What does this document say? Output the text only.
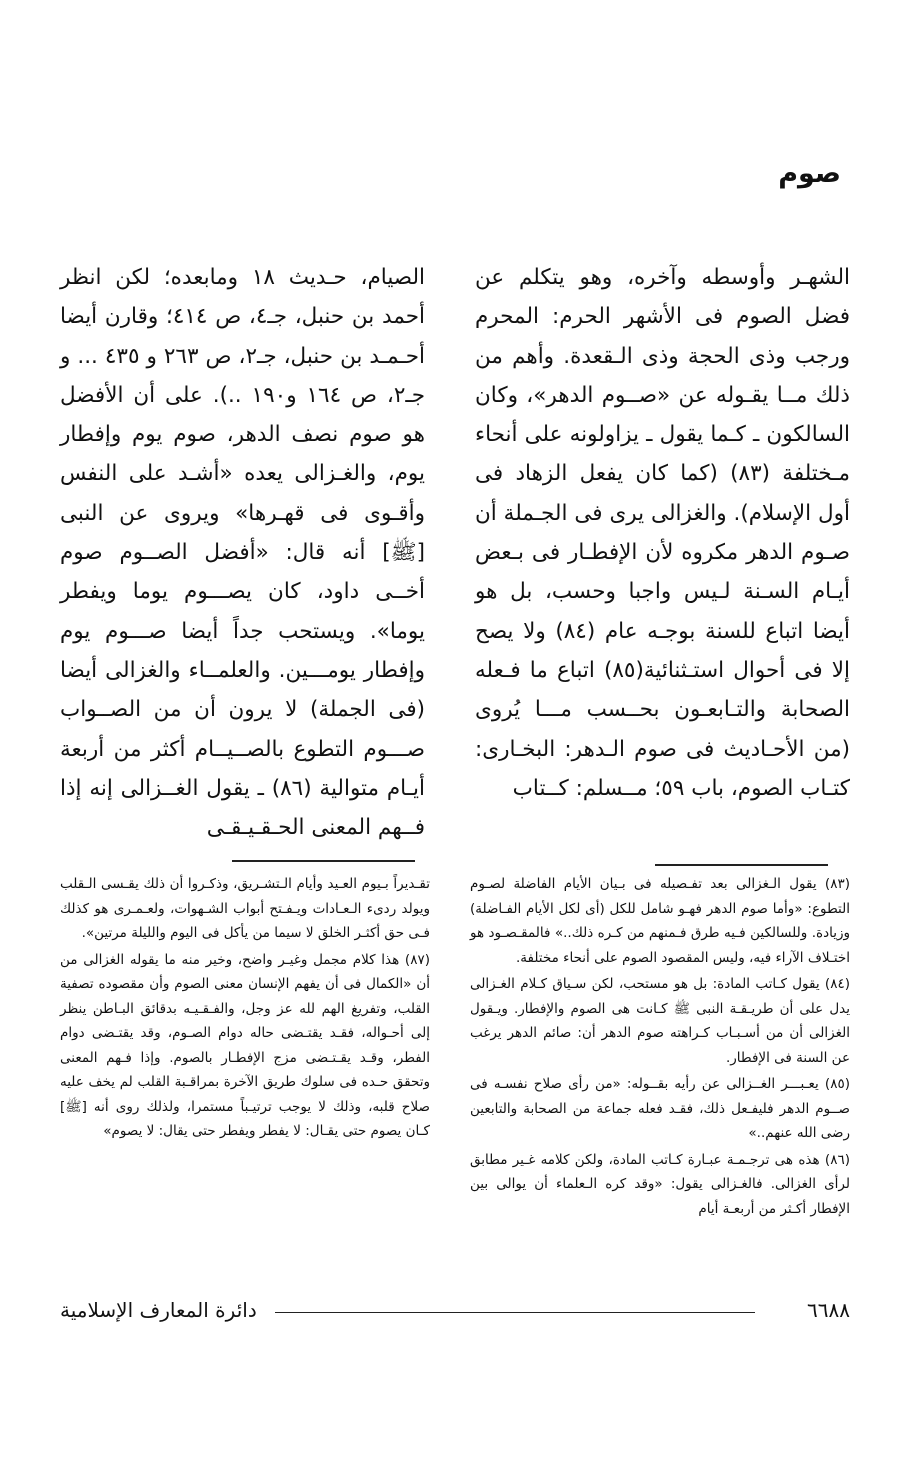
صوم

الشهـر وأوسطه وآخره، وهو يتكلم عن فضل الصوم فى الأشهر الحرم: المحرم ورجب وذى الحجة وذى الـقعدة. وأهم من ذلك مــا يقـوله عن «صــوم الدهر»، وكان السالكون ـ كـما يقول ـ يزاولونه على أنحاء مـختلفة (٨٣) (كما كان يفعل الزهاد فى أول الإسلام). والغزالى يرى فى الجـملة أن صـوم الدهر مكروه لأن الإفطـار فى بـعض أيـام السـنة لـيس واجبا وحسب، بل هو أيضا اتباع للسنة بوجـه عام (٨٤) ولا يصح إلا فى أحوال استـثنائية(٨٥) اتباع ما فـعله الصحابة والتـابعـون بحــسب مـــا يُروى (من الأحـاديث فى صوم الـدهر: البخـارى: كتـاب الصوم، باب ٥٩؛ مــسلم: كــتاب

الصيام، حـديث ١٨ ومابعده؛ لكن انظر أحمد بن حنبل، جـ٤، ص ٤١٤؛ وقارن أيضا أحـمـد بن حنبل، جـ٢، ص ٢٦٣ و ٤٣٥ ... و جـ٢، ص ١٦٤ و١٩٠ ..). على أن الأفضل هو صوم نصف الدهر، صوم يوم وإفطار يوم، والغـزالى يعده «أشـد على النفس وأقـوى فى قهـرها» ويروى عن النبى [ﷺ] أنه قال: «أفضل الصــوم صوم أخــى داود، كان يصـــوم يوما ويفطر يوما». ويستحب جداً أيضا صـــوم يوم وإفطار يومـــين. والعلمــاء والغزالى أيضا (فى الجملة) لا يرون أن من الصــواب صـــوم التطوع بالصــيــام أكثر من أربعة أيـام متوالية (٨٦) ـ يقول الغــزالى إنه إذا فــهم المعنى الحـقـيـقـى

(٨٣) يقول الـغزالى بعد تفـصيله فى بـيان الأيام الفاضلة لصـوم التطوع: «وأما صوم الدهر فهـو شامل للكل (أى لكل الأيام الفـاضلة) وزيادة. وللسالكين فـيه طرق فـمنهم من كـره ذلك..» فالمقـصـود هو اختـلاف الآراء فيه، وليس المقصود الصوم على أنحاء مختلفة.

(٨٤) يقول كـاتب المادة: بل هو مستحب، لكن سـياق كـلام الغـزالى يدل على أن طريـقـة النبى ﷺ كـانت هى الصوم والإفطار. ويـقول الغزالى أن من أسـبـاب كـراهته صوم الدهر أن: صائم الدهر يرغب عن السنة فى الإفطار.

(٨٥) يعـبـــر الغــزالى عن رأيه بقــوله: «من رأى صلاح نفسـه فى صــوم الدهر فليفـعل ذلك، فقـد فعله جماعة من الصحابة والتابعين رضى الله عنهم..»

(٨٦) هذه هى ترجـمـة عبـارة كـاتب المادة، ولكن كلامه غـير مطابق لرأى الغزالى. فالغـزالى يقول: «وقد كره الـعلماء أن يوالى بين الإفطار أكـثر من أربعـة أيام

تقـديراً بـيوم العـيد وأيام الـتشـريق، وذكـروا أن ذلك يقـسى الـقلب ويولد ردىء الـعـادات ويـفـتح أبواب الشـهوات، ولعـمـرى هو كذلك فـى حق أكثـر الخلق لا سيما من يأكل فى اليوم والليلة مرتين».

(٨٧) هذا كلام مجمل وغيـر واضح، وخير منه ما يقوله الغزالى من أن «الكمال فى أن يفهم الإنسان معنى الصوم وأن مقصوده تصفية القلب، وتفريغ الهم لله عز وجل، والفـقـيـه بدقائق البـاطن ينظر إلى أحـواله، فقـد يقتـضى حاله دوام الصـوم، وقد يقتـضى دوام الفطر، وقـد يقـتـضى مزج الإفطـار بالصوم. وإذا فـهم المعنى وتحقق حـده فى سلوك طريق الآخرة بمراقـبة القلب لم يخف عليه صلاح قلبه، وذلك لا يوجب ترتيـباً مستمرا، ولذلك روى أنه [ﷺ] كـان يصوم حتى يقـال: لا يفطر ويفطر حتى يقال: لا يصوم»

٦٦٨٨
دائرة المعارف الإسلامية
